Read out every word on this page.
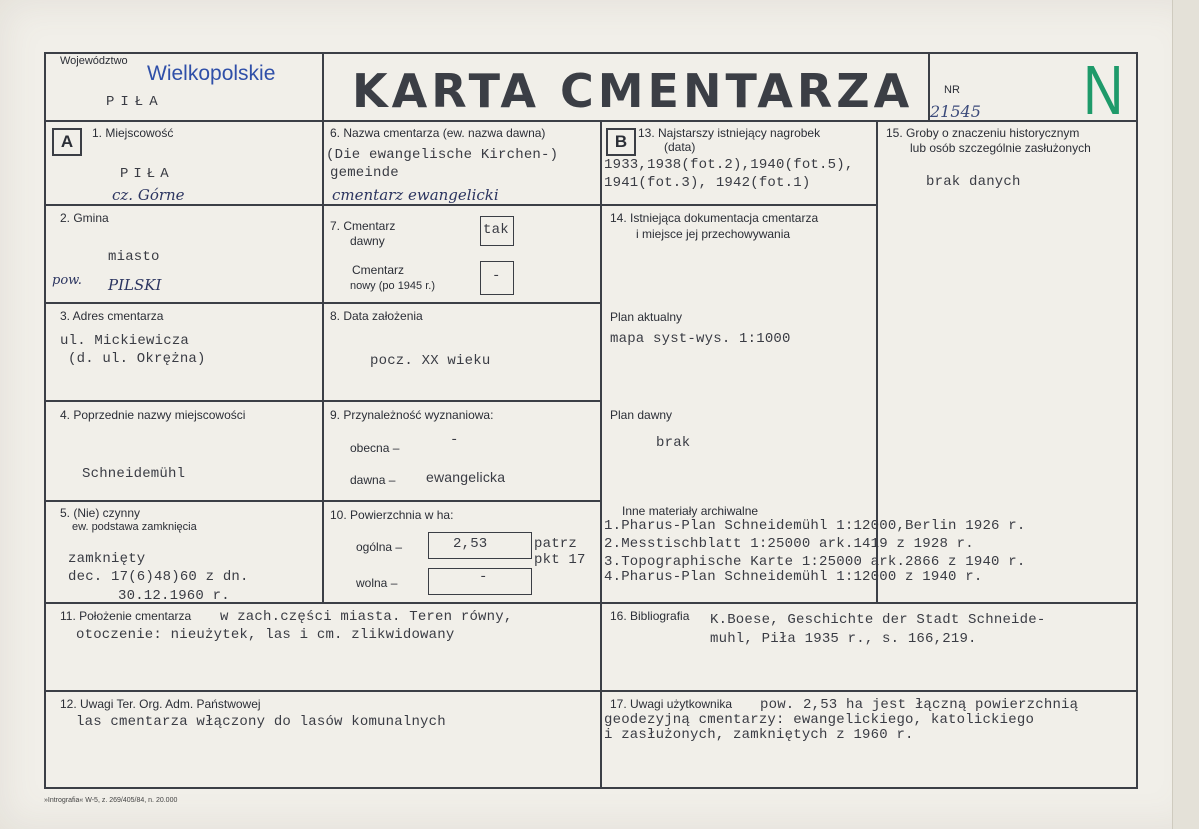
Województwo
Wielkopolskie
PIŁA	KARTA CMENTARZA	NR
21545 N
A	B
1. Miejscowość
PIŁA
cz. Górne
2. Gmina
miasto
pow. PILSKI
3. Adres cmentarza
ul. Mickiewicza
(d. ul. Okrężna)
4. Poprzednie nazwy miejscowości
Schneidemühl
5. (Nie) czynny
ew. podstawa zamknięcia
zamknięty
dec. 17(6)48)60 z dn.
30.12.1960 r.
6. Nazwa cmentarza (ew. nazwa dawna)
(Die ewangelische Kirchen-)
gemeinde
cmentarz ewangelicki
7. Cmentarz
dawny
tak
Cmentarz
nowy (po 1945 r.)
-
8. Data założenia
pocz. XX wieku
9. Przynależność wyznaniowa:
obecna –	-
dawna – ewangelicka
10. Powierzchnia w ha:
ogólna –	2,53	patrz
pkt 17
wolna –	-
11. Położenie cmentarza w zach.części miasta. Teren równy,
otoczenie: nieużytek, las i cm. zlikwidowany
12. Uwagi Ter. Org. Adm. Państwowej
las cmentarza włączony do lasów komunalnych
13. Najstarszy istniejący nagrobek
(data)
1933,1938(fot.2),1940(fot.5),
1941(fot.3), 1942(fot.1)
14. Istniejąca dokumentacja cmentarza
i miejsce jej przechowywania
Plan aktualny
mapa syst-wys. 1:1000
Plan dawny
brak
Inne materiały archiwalne
1.Pharus-Plan Schneidemühl 1:12000,Berlin 1926 r.
2.Messtischblatt 1:25000 ark.1419 z 1928 r.
3.Topographische Karte 1:25000 ark.2866 z 1940 r.
4.Pharus-Plan Schneidemühl 1:12000 z 1940 r.
15. Groby o znaczeniu historycznym
lub osób szczególnie zasłużonych
brak danych
16. Bibliografia K.Boese, Geschichte der Stadt Schneide-
muhl, Piła 1935 r., s. 166,219.
17. Uwagi użytkownika pow. 2,53 ha jest łączną powierzchnią
geodezyjną cmentarzy: ewangelickiego, katolickiego
i zasłużonych, zamkniętych z 1960 r.
»Intrografia« W-5, z. 269/405/84, n. 20.000
